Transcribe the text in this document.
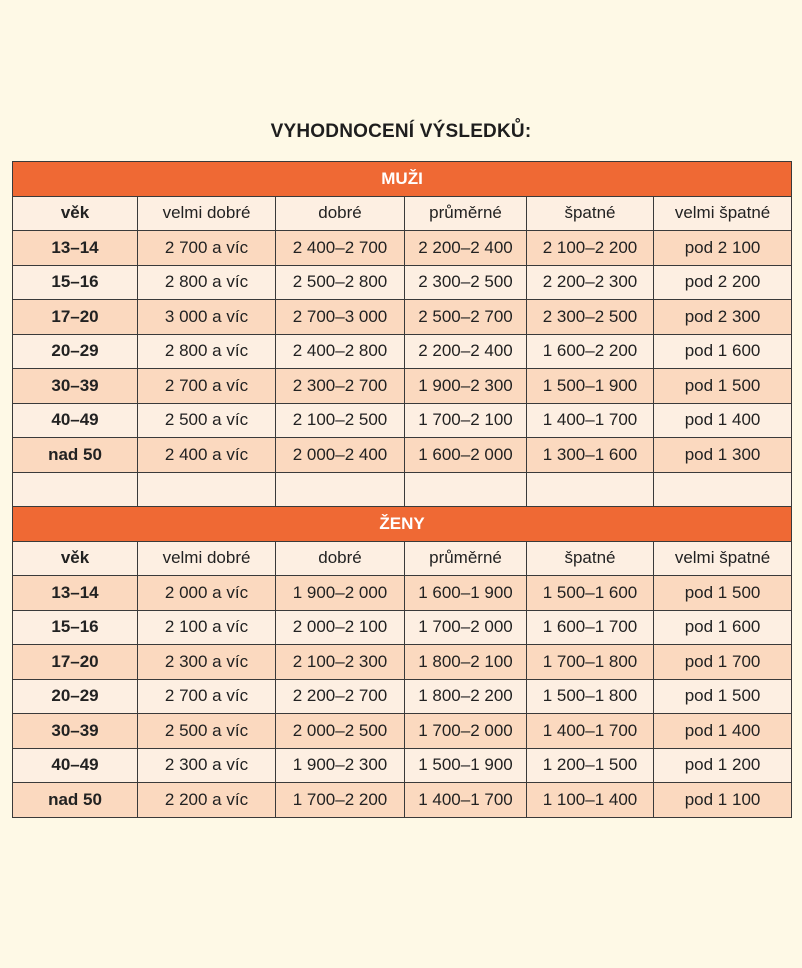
VYHODNOCENÍ VÝSLEDKŮ:
MUŽI					
věk	velmi dobré	dobré	průměrné	špatné	velmi špatné
13–14	2 700 a víc	2 400–2 700	2 200–2 400	2 100–2 200	pod 2 100
15–16	2 800 a víc	2 500–2 800	2 300–2 500	2 200–2 300	pod 2 200
17–20	3 000 a víc	2 700–3 000	2 500–2 700	2 300–2 500	pod 2 300
20–29	2 800 a víc	2 400–2 800	2 200–2 400	1 600–2 200	pod 1 600
30–39	2 700 a víc	2 300–2 700	1 900–2 300	1 500–1 900	pod 1 500
40–49	2 500 a víc	2 100–2 500	1 700–2 100	1 400–1 700	pod 1 400
nad 50	2 400 a víc	2 000–2 400	1 600–2 000	1 300–1 600	pod 1 300

ŽENY					
věk	velmi dobré	dobré	průměrné	špatné	velmi špatné
13–14	2 000 a víc	1 900–2 000	1 600–1 900	1 500–1 600	pod 1 500
15–16	2 100 a víc	2 000–2 100	1 700–2 000	1 600–1 700	pod 1 600
17–20	2 300 a víc	2 100–2 300	1 800–2 100	1 700–1 800	pod 1 700
20–29	2 700 a víc	2 200–2 700	1 800–2 200	1 500–1 800	pod 1 500
30–39	2 500 a víc	2 000–2 500	1 700–2 000	1 400–1 700	pod 1 400
40–49	2 300 a víc	1 900–2 300	1 500–1 900	1 200–1 500	pod 1 200
nad 50	2 200 a víc	1 700–2 200	1 400–1 700	1 100–1 400	pod 1 100
